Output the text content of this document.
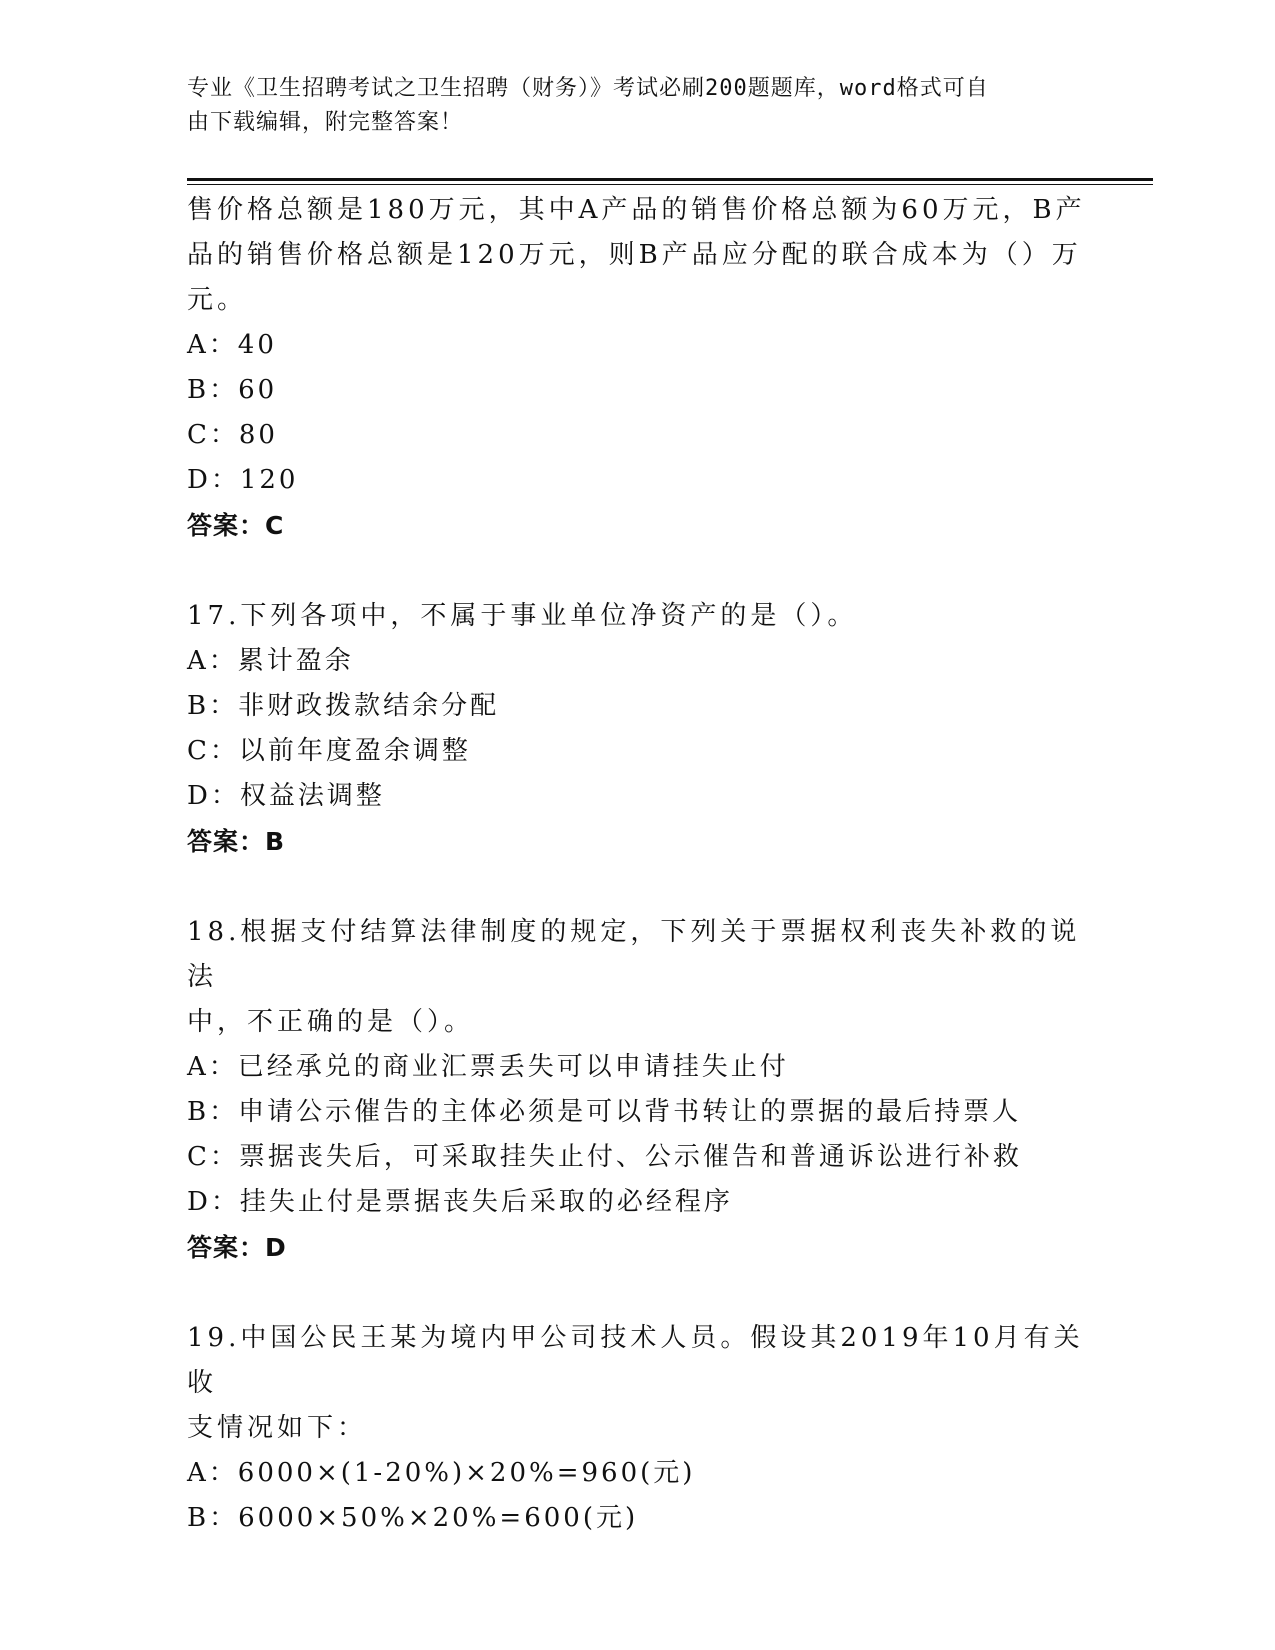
专业《卫生招聘考试之卫生招聘（财务）》考试必刷200题题库，word格式可自
由下载编辑，附完整答案！
售价格总额是180万元，其中A产品的销售价格总额为60万元，B产
品的销售价格总额是120万元，则B产品应分配的联合成本为（）万
元。
A：40
B：60
C：80
D：120
答案：C
17.下列各项中，不属于事业单位净资产的是（）。
A：累计盈余
B：非财政拨款结余分配
C：以前年度盈余调整
D：权益法调整
答案：B
18.根据支付结算法律制度的规定，下列关于票据权利丧失补救的说法
中，不正确的是（）。
A：已经承兑的商业汇票丢失可以申请挂失止付
B：申请公示催告的主体必须是可以背书转让的票据的最后持票人
C：票据丧失后，可采取挂失止付、公示催告和普通诉讼进行补救
D：挂失止付是票据丧失后采取的必经程序
答案：D
19.中国公民王某为境内甲公司技术人员。假设其2019年10月有关收
支情况如下：
A：6000×(1-20%)×20%=960(元)
B：6000×50%×20%=600(元)
